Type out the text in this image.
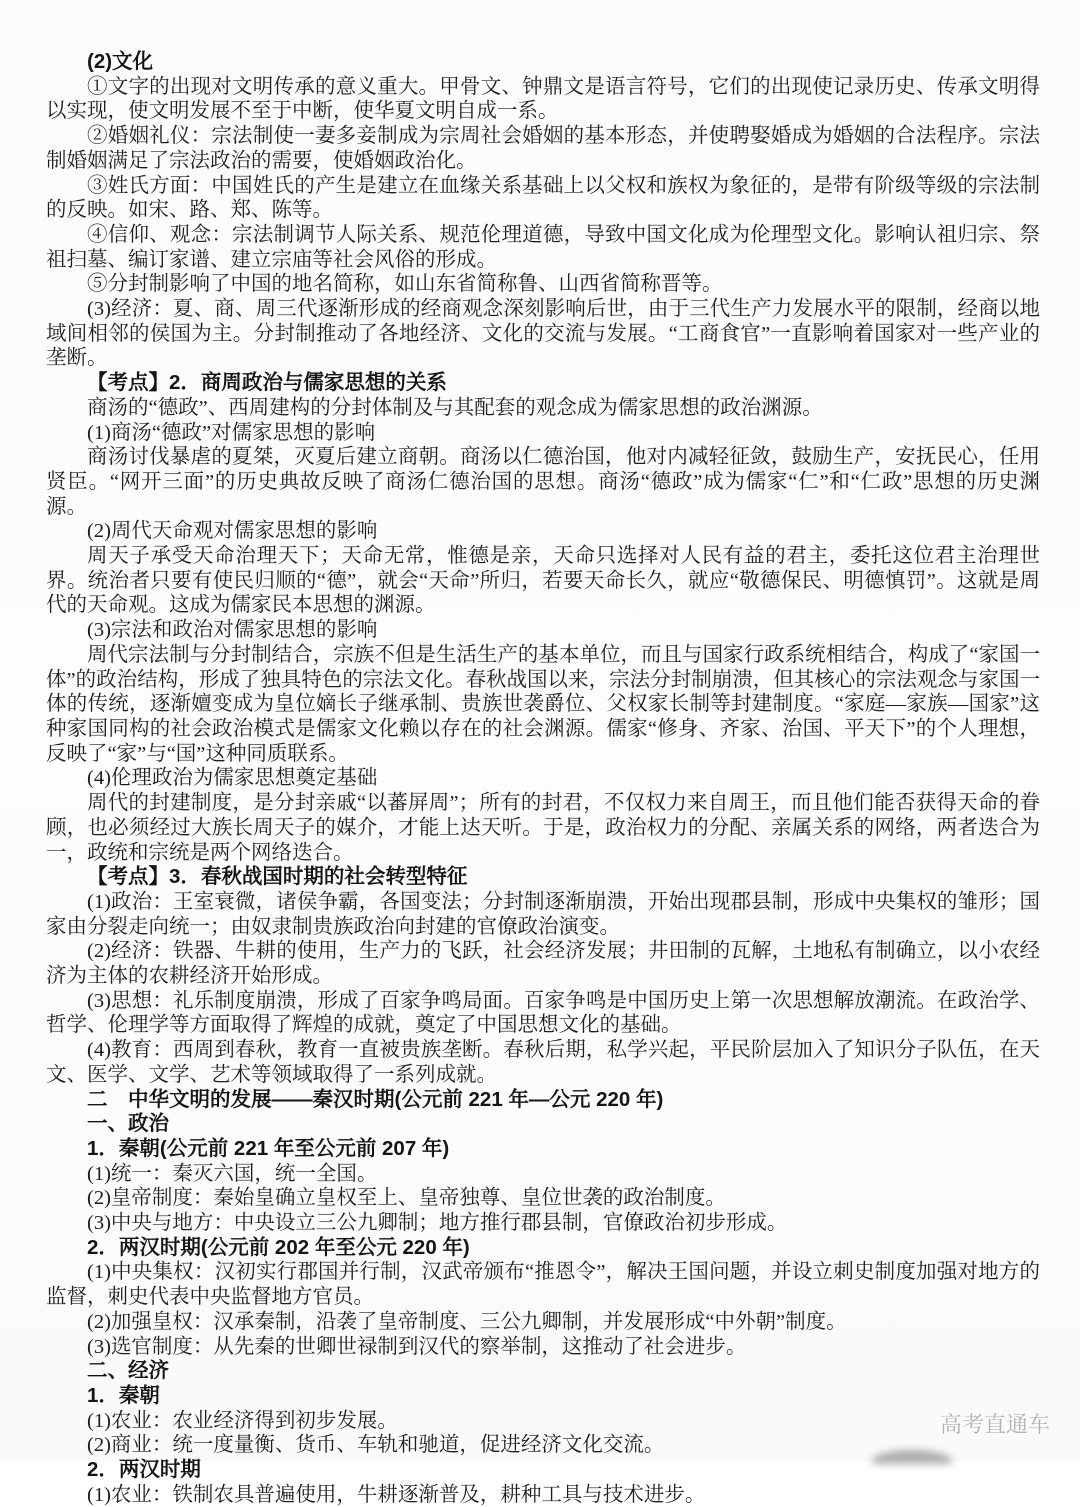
(2)文化

①文字的出现对文明传承的意义重大。甲骨文、钟鼎文是语言符号，它们的出现使记录历史、传承文明得以实现，使文明发展不至于中断，使华夏文明自成一系。

②婚姻礼仪：宗法制使一妻多妾制成为宗周社会婚姻的基本形态，并使聘娶婚成为婚姻的合法程序。宗法制婚姻满足了宗法政治的需要，使婚姻政治化。

③姓氏方面：中国姓氏的产生是建立在血缘关系基础上以父权和族权为象征的，是带有阶级等级的宗法制的反映。如宋、路、郑、陈等。

④信仰、观念：宗法制调节人际关系、规范伦理道德，导致中国文化成为伦理型文化。影响认祖归宗、祭祖扫墓、编订家谱、建立宗庙等社会风俗的形成。

⑤分封制影响了中国的地名简称，如山东省简称鲁、山西省简称晋等。

(3)经济：夏、商、周三代逐渐形成的经商观念深刻影响后世，由于三代生产力发展水平的限制，经商以地域间相邻的侯国为主。分封制推动了各地经济、文化的交流与发展。“工商食官”一直影响着国家对一些产业的垄断。

【考点】2．商周政治与儒家思想的关系

商汤的“德政”、西周建构的分封体制及与其配套的观念成为儒家思想的政治渊源。

(1)商汤“德政”对儒家思想的影响

商汤讨伐暴虐的夏桀，灭夏后建立商朝。商汤以仁德治国，他对内减轻征敛，鼓励生产，安抚民心，任用贤臣。“网开三面”的历史典故反映了商汤仁德治国的思想。商汤“德政”成为儒家“仁”和“仁政”思想的历史渊源。

(2)周代天命观对儒家思想的影响

周天子承受天命治理天下；天命无常，惟德是亲，天命只选择对人民有益的君主，委托这位君主治理世界。统治者只要有使民归顺的“德”，就会“天命”所归，若要天命长久，就应“敬德保民、明德慎罚”。这就是周代的天命观。这成为儒家民本思想的渊源。

(3)宗法和政治对儒家思想的影响

周代宗法制与分封制结合，宗族不但是生活生产的基本单位，而且与国家行政系统相结合，构成了“家国一体”的政治结构，形成了独具特色的宗法文化。春秋战国以来，宗法分封制崩溃，但其核心的宗法观念与家国一体的传统，逐渐嬗变成为皇位嫡长子继承制、贵族世袭爵位、父权家长制等封建制度。“家庭—家族—国家”这种家国同构的社会政治模式是儒家文化赖以存在的社会渊源。儒家“修身、齐家、治国、平天下”的个人理想，反映了“家”与“国”这种同质联系。

(4)伦理政治为儒家思想奠定基础

周代的封建制度，是分封亲戚“以蕃屏周”；所有的封君，不仅权力来自周王，而且他们能否获得天命的眷顾，也必须经过大族长周天子的媒介，才能上达天听。于是，政治权力的分配、亲属关系的网络，两者迭合为一，政统和宗统是两个网络迭合。

【考点】3．春秋战国时期的社会转型特征

(1)政治：王室衰微，诸侯争霸，各国变法；分封制逐渐崩溃，开始出现郡县制，形成中央集权的雏形；国家由分裂走向统一；由奴隶制贵族政治向封建的官僚政治演变。

(2)经济：铁器、牛耕的使用，生产力的飞跃，社会经济发展；井田制的瓦解，土地私有制确立，以小农经济为主体的农耕经济开始形成。

(3)思想：礼乐制度崩溃，形成了百家争鸣局面。百家争鸣是中国历史上第一次思想解放潮流。在政治学、哲学、伦理学等方面取得了辉煌的成就，奠定了中国思想文化的基础。

(4)教育：西周到春秋，教育一直被贵族垄断。春秋后期，私学兴起，平民阶层加入了知识分子队伍，在天文、医学、文学、艺术等领域取得了一系列成就。

二　中华文明的发展——秦汉时期(公元前 221 年—公元 220 年)

一、政治

1．秦朝(公元前 221 年至公元前 207 年)

(1)统一：秦灭六国，统一全国。

(2)皇帝制度：秦始皇确立皇权至上、皇帝独尊、皇位世袭的政治制度。

(3)中央与地方：中央设立三公九卿制；地方推行郡县制，官僚政治初步形成。

2．两汉时期(公元前 202 年至公元 220 年)

(1)中央集权：汉初实行郡国并行制，汉武帝颁布“推恩令”，解决王国问题，并设立刺史制度加强对地方的监督，刺史代表中央监督地方官员。

(2)加强皇权：汉承秦制，沿袭了皇帝制度、三公九卿制，并发展形成“中外朝”制度。

(3)选官制度：从先秦的世卿世禄制到汉代的察举制，这推动了社会进步。

二、经济

1．秦朝

(1)农业：农业经济得到初步发展。

(2)商业：统一度量衡、货币、车轨和驰道，促进经济文化交流。

2．两汉时期

(1)农业：铁制农具普遍使用，牛耕逐渐普及，耕种工具与技术进步。

高考直通车
